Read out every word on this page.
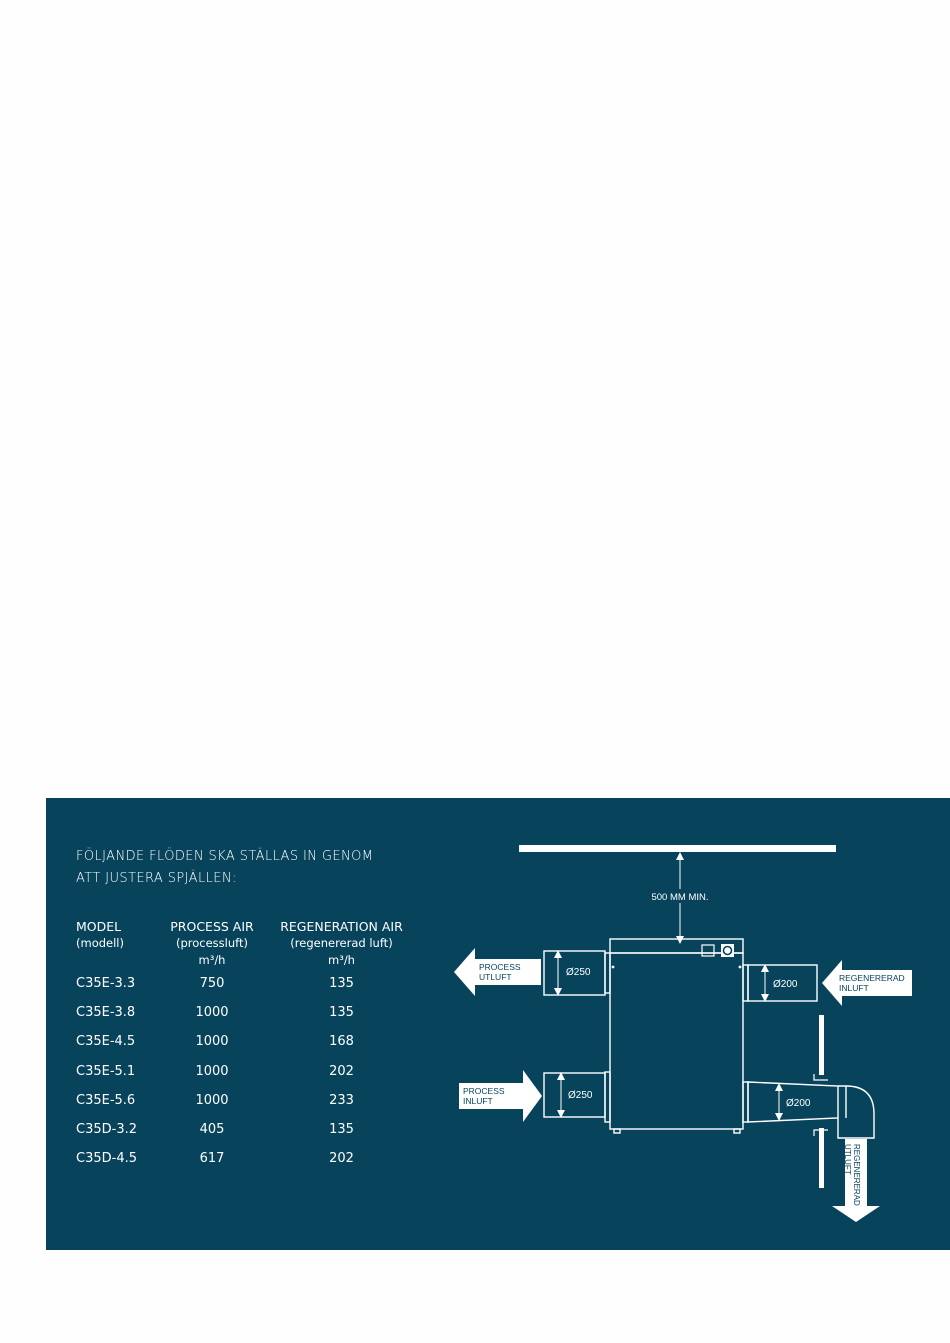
FÖLJANDE FLÖDEN SKA STÄLLAS IN GENOM
ATT JUSTERA SPJÄLLEN:
MODEL
(modell)
PROCESS AIR
(processluft)
m³/h
REGENERATION AIR
(regenererad luft)
m³/h
C35E-3.3	750	135
C35E-3.8	1000	135
C35E-4.5	1000	168
C35E-5.1	1000	202
C35E-5.6	1000	233
C35D-3.2	405	135
C35D-4.5	617	202
500 MM MIN.
Ø250
PROCESS
UTLUFT
Ø250
PROCESS
INLUFT
Ø200
REGENERERAD
INLUFT
Ø200
REGENERERAD
UTLUFT
